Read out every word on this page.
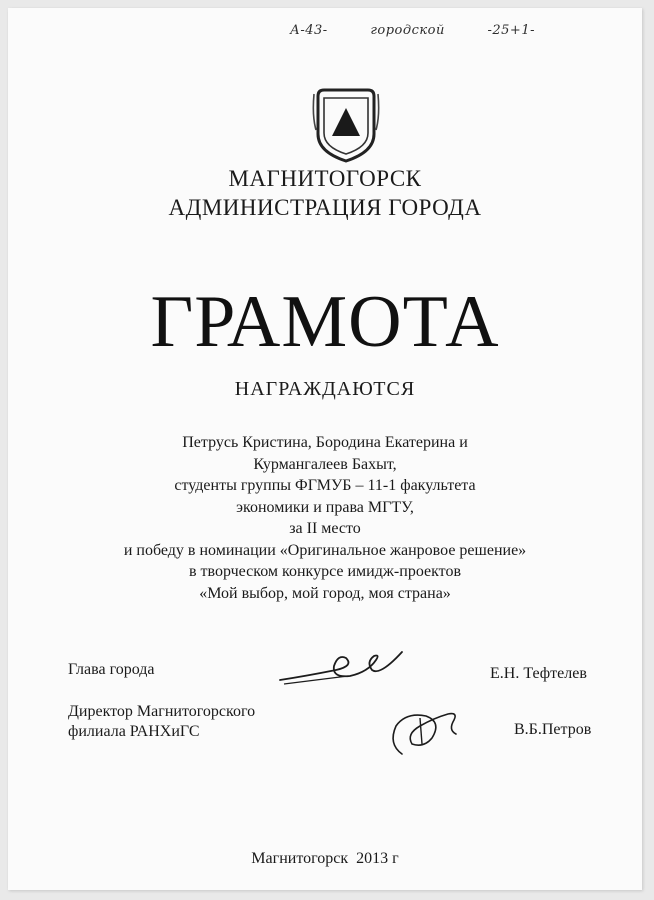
А-43-	городской	-25+1-
МАГНИТОГОРСК
АДМИНИСТРАЦИЯ ГОРОДА
ГРАМОТА
НАГРАЖДАЮТСЯ
Петрусь Кристина, Бородина Екатерина и
Курмангалеев Бахыт,
студенты группы ФГМУБ – 11-1 факультета
экономики и права МГТУ,
за II место
и победу в номинации «Оригинальное жанровое решение»
в творческом конкурсе имидж-проектов
«Мой выбор, мой город, моя страна»
Глава города	Е.Н. Тефтелев
Директор Магнитогорского
филиала РАНХиГС	В.Б.Петров
Магнитогорск 2013 г
